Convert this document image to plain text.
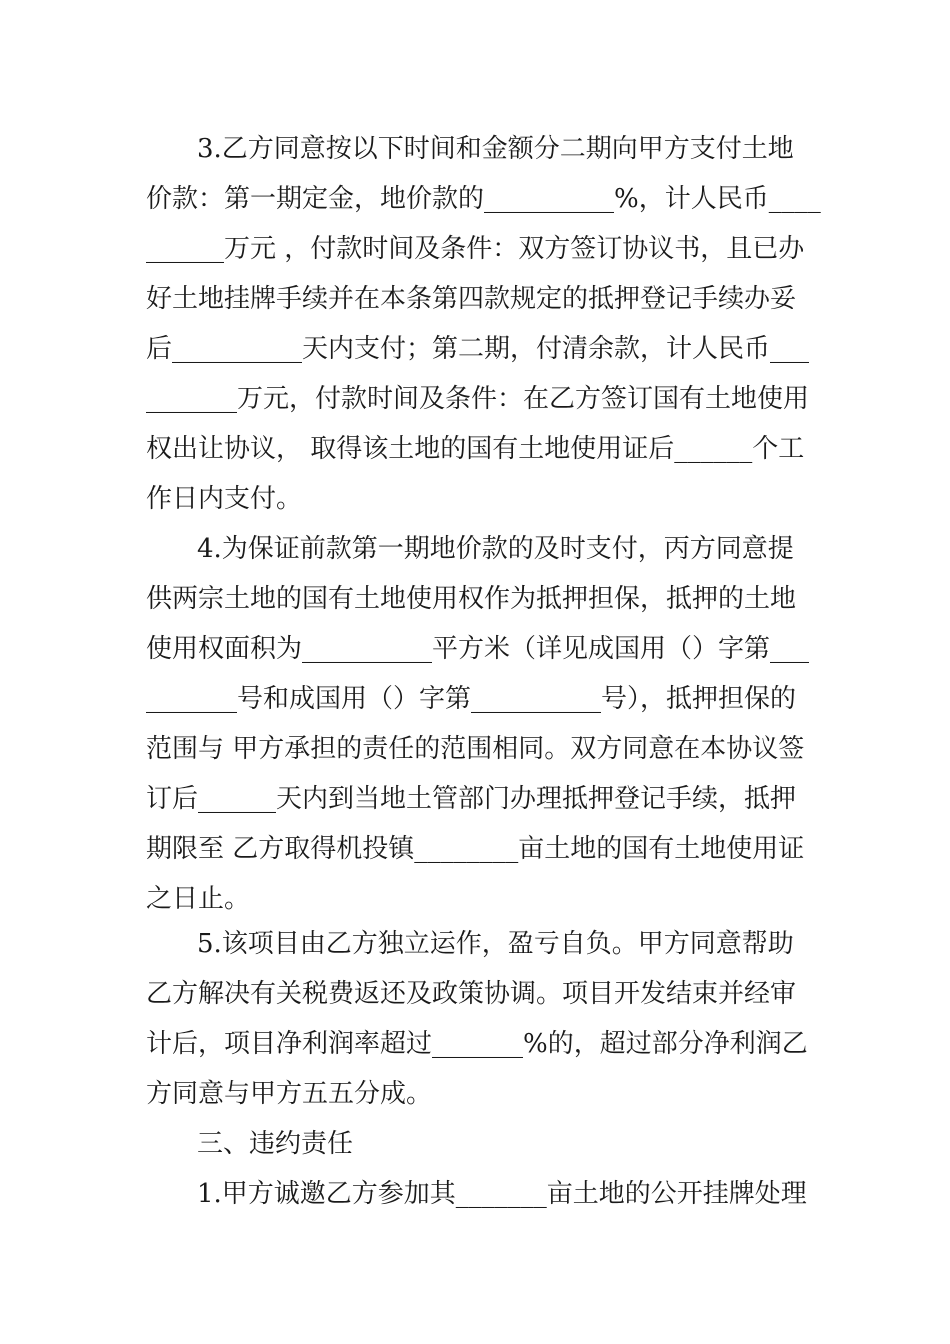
3.乙方同意按以下时间和金额分二期向甲方支付土地
价款：第一期定金，地价款的__________%，计人民币____
______万元 ，付款时间及条件：双方签订协议书，且已办
好土地挂牌手续并在本条第四款规定的抵押登记手续办妥
后__________天内支付；第二期，付清余款，计人民币___
_______万元，付款时间及条件：在乙方签订国有土地使用
权出让协议， 取得该土地的国有土地使用证后______个工
作日内支付。
4.为保证前款第一期地价款的及时支付，丙方同意提
供两宗土地的国有土地使用权作为抵押担保，抵押的土地
使用权面积为__________平方米（详见成国用（）字第___
_______号和成国用（）字第__________号），抵押担保的
范围与 甲方承担的责任的范围相同。双方同意在本协议签
订后______天内到当地土管部门办理抵押登记手续，抵押
期限至 乙方取得机投镇________亩土地的国有土地使用证
之日止。
5.该项目由乙方独立运作，盈亏自负。甲方同意帮助
乙方解决有关税费返还及政策协调。项目开发结束并经审
计后，项目净利润率超过_______%的，超过部分净利润乙
方同意与甲方五五分成。
三、违约责任
1.甲方诚邀乙方参加其_______亩土地的公开挂牌处理
